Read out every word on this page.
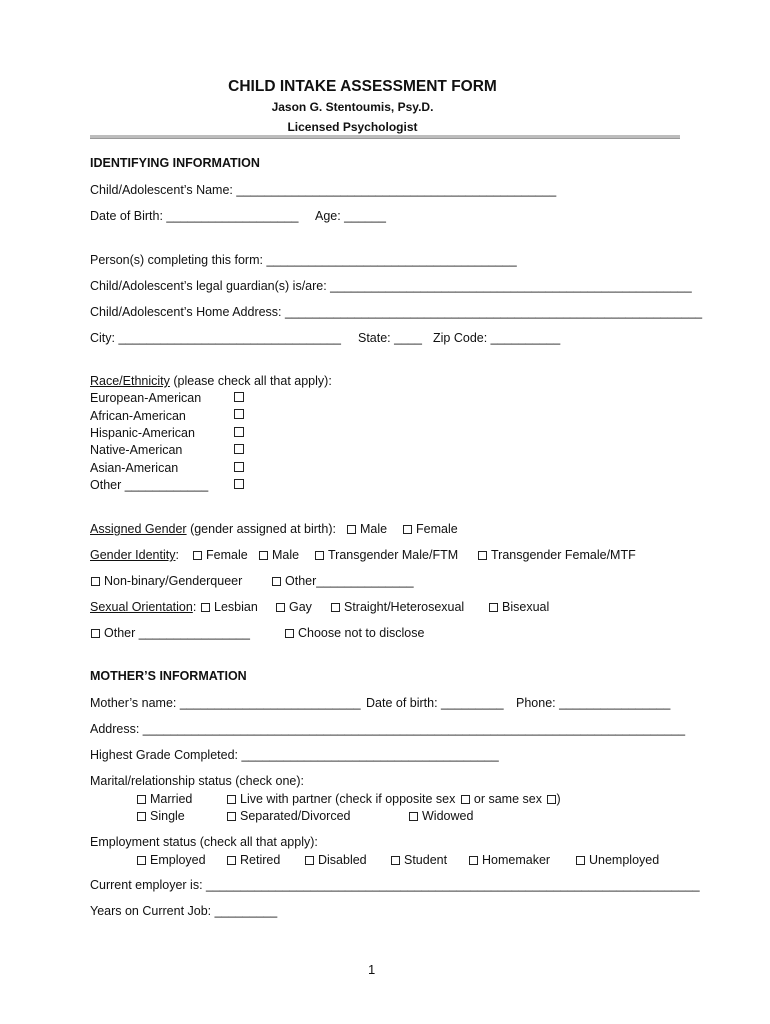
CHILD INTAKE ASSESSMENT FORM
Jason G. Stentoumis, Psy.D.
Licensed Psychologist
IDENTIFYING INFORMATION
Child/Adolescent’s Name: ______________________________________________
Date of Birth: ___________________ Age: ______
Person(s) completing this form: ____________________________________
Child/Adolescent’s legal guardian(s) is/are: ____________________________________________________
Child/Adolescent’s Home Address: ____________________________________________________________
City: ________________________________ State: ____ Zip Code: __________
Race/Ethnicity (please check all that apply):
European-American
African-American
Hispanic-American
Native-American
Asian-American
Other ____________
Assigned Gender (gender assigned at birth):	Male	Female
Gender Identity:	Female	Male	Transgender Male/FTM	Transgender Female/MTF
Non-binary/Genderqueer	Other______________
Sexual Orientation:	Lesbian	Gay	Straight/Heterosexual	Bisexual
Other ________________	Choose not to disclose
MOTHER’S INFORMATION
Mother’s name: __________________________ Date of birth: _________ Phone: ________________
Address: ______________________________________________________________________________
Highest Grade Completed: _____________________________________
Marital/relationship status (check one):
Married	Live with partner (check if opposite sex or same sex )
Single	Separated/Divorced	Widowed
Employment status (check all that apply):
Employed	Retired	Disabled	Student	Homemaker	Unemployed
Current employer is: _______________________________________________________________________
Years on Current Job: _________
1
